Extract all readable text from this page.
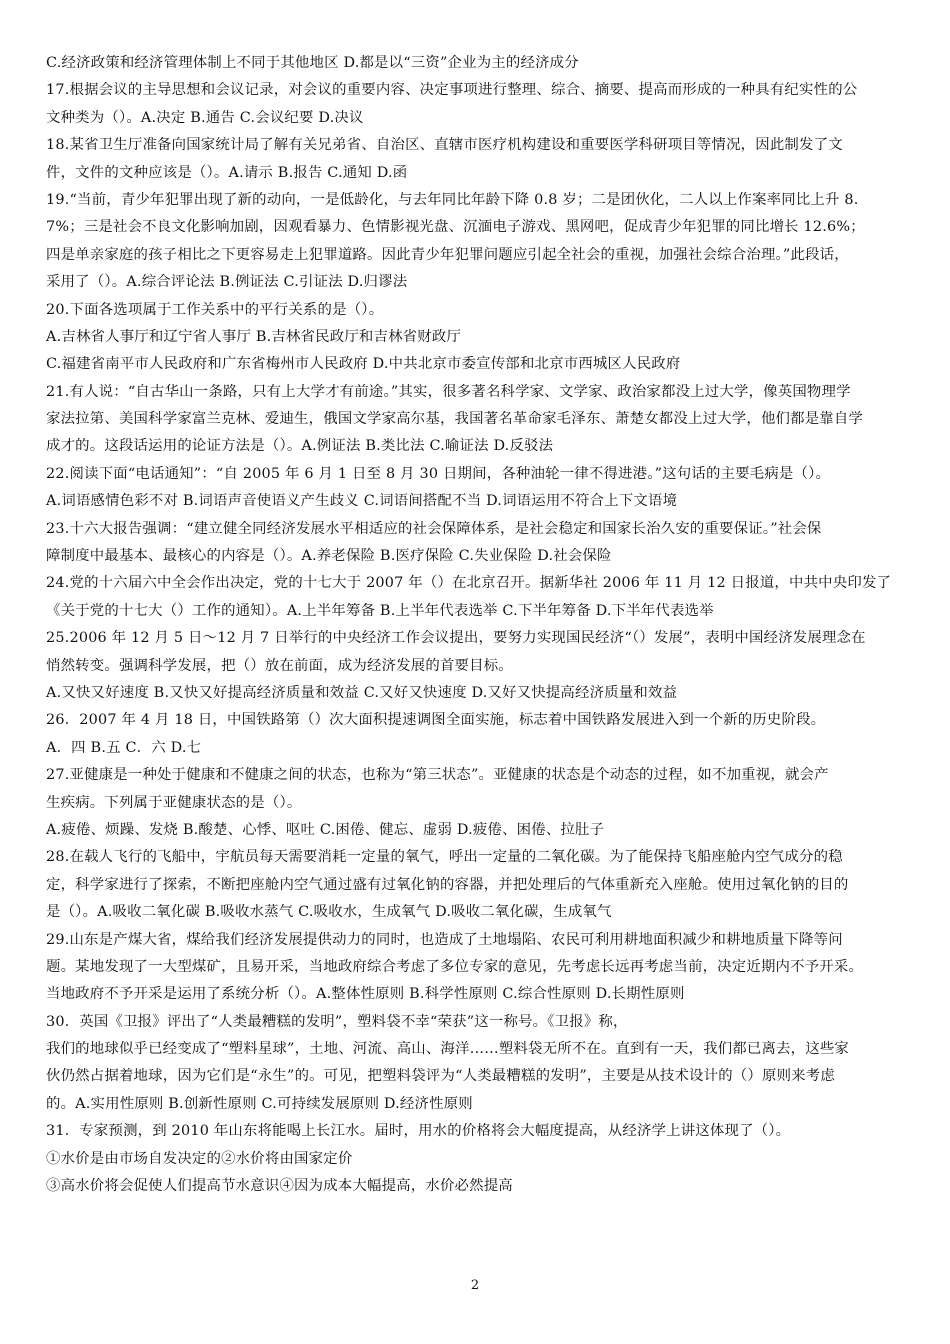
C.经济政策和经济管理体制上不同于其他地区 D.都是以“三资”企业为主的经济成分
17.根据会议的主导思想和会议记录，对会议的重要内容、决定事项进行整理、综合、摘要、提高而形成的一种具有纪实性的公
文种类为（）。A.决定 B.通告 C.会议纪要 D.决议
18.某省卫生厅准备向国家统计局了解有关兄弟省、自治区、直辖市医疗机构建设和重要医学科研项目等情况，因此制发了文
件，文件的文种应该是（）。A.请示 B.报告 C.通知 D.函
19.“当前，青少年犯罪出现了新的动向，一是低龄化，与去年同比年龄下降 0.8 岁；二是团伙化，二人以上作案率同比上升 8.
7%；三是社会不良文化影响加剧，因观看暴力、色情影视光盘、沉湎电子游戏、黑网吧，促成青少年犯罪的同比增长 12.6%；
四是单亲家庭的孩子相比之下更容易走上犯罪道路。因此青少年犯罪问题应引起全社会的重视，加强社会综合治理。”此段话，
采用了（）。A.综合评论法 B.例证法 C.引证法 D.归谬法
20.下面各选项属于工作关系中的平行关系的是（）。
A.吉林省人事厅和辽宁省人事厅 B.吉林省民政厅和吉林省财政厅
C.福建省南平市人民政府和广东省梅州市人民政府 D.中共北京市委宣传部和北京市西城区人民政府
21.有人说：“自古华山一条路，只有上大学才有前途。”其实，很多著名科学家、文学家、政治家都没上过大学，像英国物理学
家法拉第、美国科学家富兰克林、爱迪生，俄国文学家高尔基，我国著名革命家毛泽东、萧楚女都没上过大学，他们都是靠自学
成才的。这段话运用的论证方法是（）。A.例证法 B.类比法 C.喻证法 D.反驳法
22.阅读下面“电话通知”：“自 2005 年 6 月 1 日至 8 月 30 日期间，各种油轮一律不得进港。”这句话的主要毛病是（）。
A.词语感情色彩不对 B.词语声音使语义产生歧义 C.词语间搭配不当 D.词语运用不符合上下文语境
23.十六大报告强调：“建立健全同经济发展水平相适应的社会保障体系，是社会稳定和国家长治久安的重要保证。”社会保
障制度中最基本、最核心的内容是（）。A.养老保险 B.医疗保险 C.失业保险 D.社会保险
24.党的十六届六中全会作出决定，党的十七大于 2007 年（）在北京召开。据新华社 2006 年 11 月 12 日报道，中共中央印发了
《关于党的十七大（）工作的通知）。A.上半年筹备 B.上半年代表选举 C.下半年筹备 D.下半年代表选举
25.2006 年 12 月 5 日～12 月 7 日举行的中央经济工作会议提出，要努力实现国民经济“（）发展”，表明中国经济发展理念在
悄然转变。强调科学发展，把（）放在前面，成为经济发展的首要目标。
A.又快又好速度 B.又快又好提高经济质量和效益 C.又好又快速度 D.又好又快提高经济质量和效益
26．2007 年 4 月 18 日，中国铁路第（）次大面积提速调图全面实施，标志着中国铁路发展进入到一个新的历史阶段。
A．四 B.五 C．六 D.七
27.亚健康是一种处于健康和不健康之间的状态，也称为“第三状态”。亚健康的状态是个动态的过程，如不加重视，就会产
生疾病。下列属于亚健康状态的是（）。
A.疲倦、烦躁、发烧 B.酸楚、心悸、呕吐 C.困倦、健忘、虚弱 D.疲倦、困倦、拉肚子
28.在载人飞行的飞船中，宇航员每天需要消耗一定量的氧气，呼出一定量的二氧化碳。为了能保持飞船座舱内空气成分的稳
定，科学家进行了探索，不断把座舱内空气通过盛有过氧化钠的容器，并把处理后的气体重新充入座舱。使用过氧化钠的目的
是（）。A.吸收二氧化碳 B.吸收水蒸气 C.吸收水，生成氧气 D.吸收二氧化碳，生成氧气
29.山东是产煤大省，煤给我们经济发展提供动力的同时，也造成了土地塌陷、农民可利用耕地面积减少和耕地质量下降等问
题。某地发现了一大型煤矿，且易开采，当地政府综合考虑了多位专家的意见，先考虑长远再考虑当前，决定近期内不予开采。
当地政府不予开采是运用了系统分析（）。A.整体性原则 B.科学性原则 C.综合性原则 D.长期性原则
30．英国《卫报》评出了“人类最糟糕的发明”，塑料袋不幸“荣获”这一称号。《卫报》称，
我们的地球似乎已经变成了“塑料星球”，土地、河流、高山、海洋……塑料袋无所不在。直到有一天，我们都已离去，这些家
伙仍然占据着地球，因为它们是“永生”的。可见，把塑料袋评为“人类最糟糕的发明”，主要是从技术设计的（）原则来考虑
的。A.实用性原则 B.创新性原则 C.可持续发展原则 D.经济性原则
31．专家预测，到 2010 年山东将能喝上长江水。届时，用水的价格将会大幅度提高，从经济学上讲这体现了（）。
①水价是由市场自发决定的②水价将由国家定价
③高水价将会促使人们提高节水意识④因为成本大幅提高，水价必然提高
2
